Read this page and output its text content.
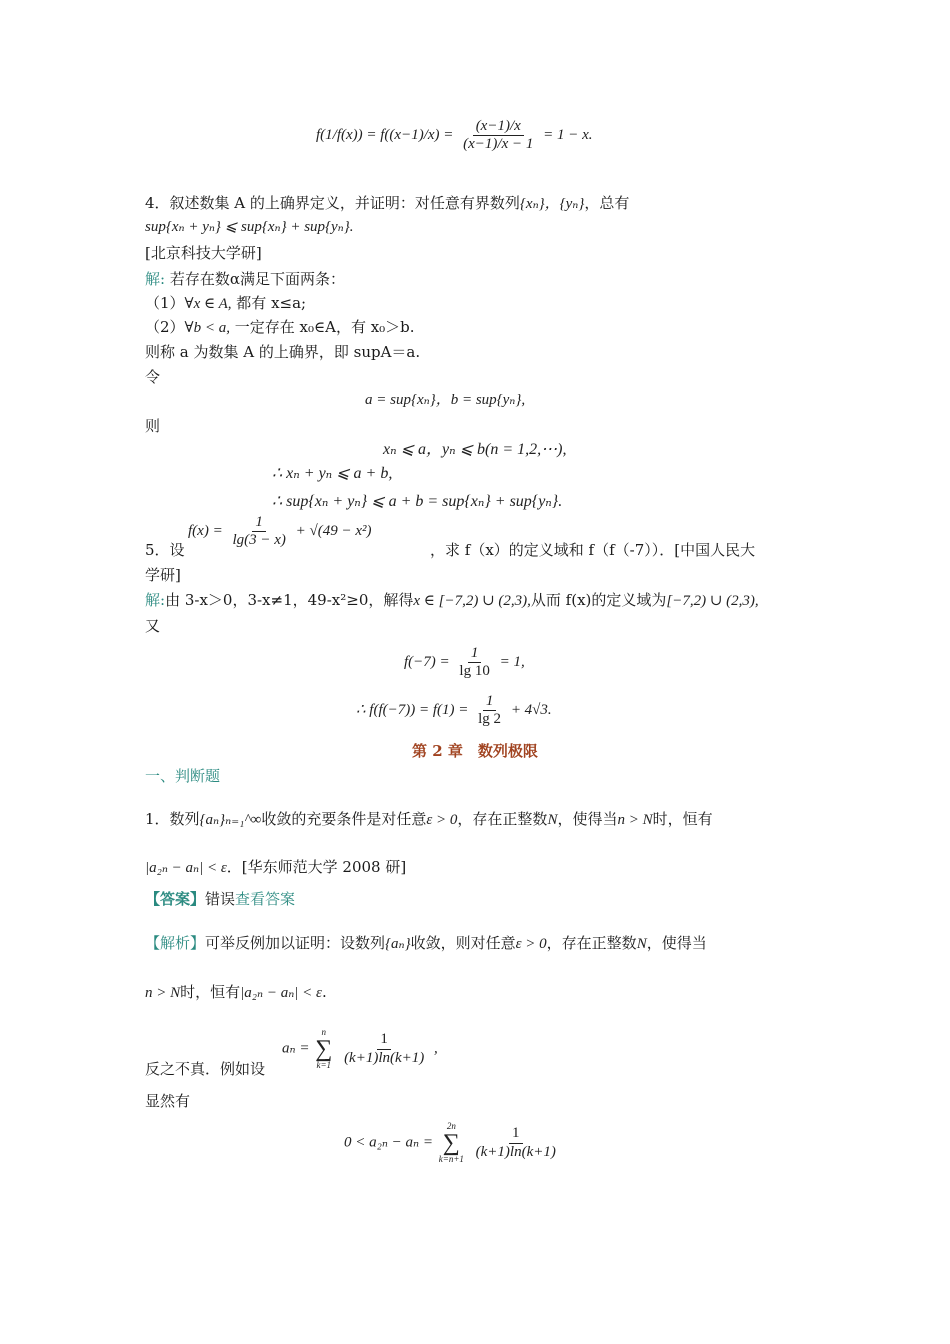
$f(1/f(x)) = f((x-1)/x) = \frac{(x-1)/x}{(x-1)/x - 1} = 1 - x$.
4．叙述数集 A 的上确界定义，并证明：对任意有界数列{xₙ}，{yₙ}，总有
sup{xₙ + yₙ} ⩽ sup{xₙ} + sup{yₙ}.
[北京科技大学研]
解: 若存在数α满足下面两条：
（1）∀x ∈ A, 都有 x≤a;
（2）∀b < a, 一定存在 x₀∈A，有 x₀＞b.
则称 a 为数集 A 的上确界，即 supA＝a.
令
a = sup{xₙ}，b = sup{yₙ},
则
xₙ ⩽ a，yₙ ⩽ b(n = 1,2,⋯),
∴ xₙ + yₙ ⩽ a + b,
∴ sup{xₙ + yₙ} ⩽ a + b = sup{xₙ} + sup{yₙ}.
$f(x) = \frac{1}{\lg(3 - x)} + √(49 - x^2)$
5．设	，求 f（x）的定义域和 f（f（-7））．[中国人民大
学研]
解:由 3-x＞0，3-x≠1，49-x²≥0，解得x ∈ [−7,2) ∪ (2,3),从而 f(x)的定义域为[−7,2) ∪ (2,3),
又
$f(-7) = \frac{1}{\lg 10} = 1$,
∴ $f(f(-7)) = f(1) = \frac{1}{\lg 2} + 4√3$.
第 2 章　数列极限
一、判断题
1．数列{aₙ}ₙ₌₁^∞收敛的充要条件是对任意ε > 0，存在正整数N，使得当n > N时，恒有
|a₂ₙ − aₙ| < ε．[华东师范大学 2008 研]
【答案】错误查看答案
【解析】可举反例加以证明：设数列{aₙ}收敛，则对任意ε > 0，存在正整数N，使得当
n > N时，恒有|a₂ₙ − aₙ| < ε.
反之不真．例如设
aₙ =
n
∑
k=1
$\frac{1}{(k+1)\ln(k+1)}$ ,
显然有
0 < a₂ₙ − aₙ =
2n
∑
k=n+1
$\frac{1}{(k+1)\ln(k+1)}$
